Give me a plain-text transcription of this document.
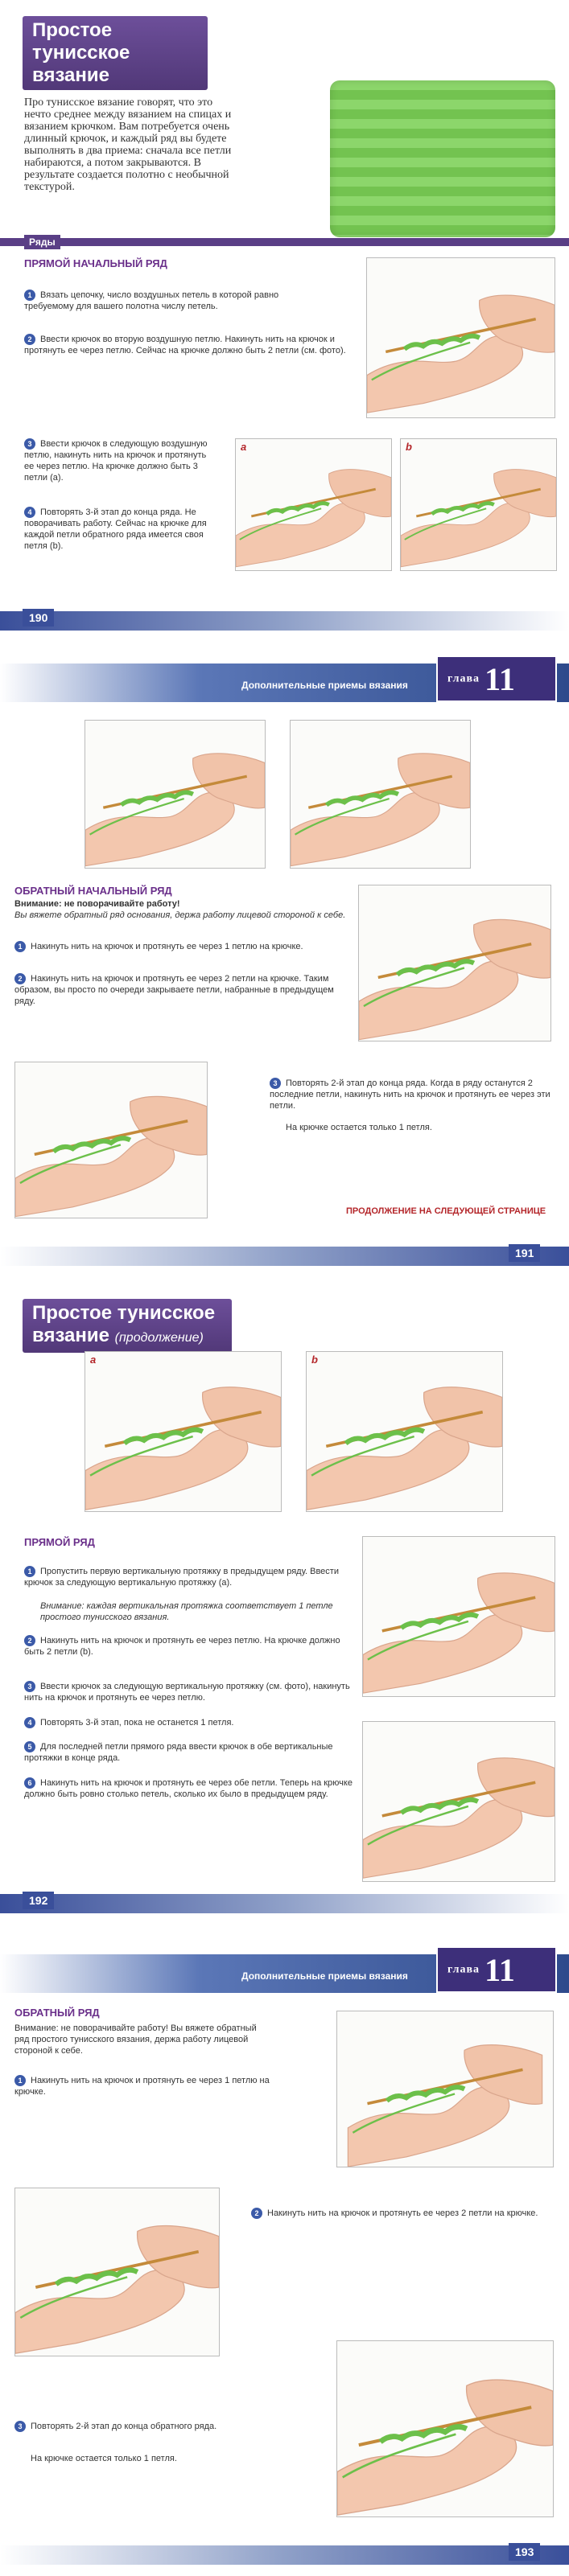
Простое тунисское вязание
Про тунисское вязание говорят, что это нечто среднее между вязанием на спицах и вязанием крючком. Вам потребуется очень длинный крючок, и каждый ряд вы будете выполнять в два приема: сначала все петли набираются, а потом закрываются. В результате создается полотно с необычной текстурой.
Ряды
ПРЯМОЙ НАЧАЛЬНЫЙ РЯД
1 Вязать цепочку, число воздушных петель в которой равно требуемому для вашего полотна числу петель.
2 Ввести крючок во вторую воздушную петлю. Накинуть нить на крючок и протянуть ее через петлю. Сейчас на крючке должно быть 2 петли (см. фото).
3 Ввести крючок в следующую воздушную петлю, накинуть нить на крючок и протянуть ее через петлю. На крючке должно быть 3 петли (а).
4 Повторять 3-й этап до конца ряда. Не поворачивать работу. Сейчас на крючке для каждой петли обратного ряда имеется своя петля (b).
a	b
190
Дополнительные приемы вязания
глава 11
ОБРАТНЫЙ НАЧАЛЬНЫЙ РЯД
Внимание: не поворачивайте работу!
Вы вяжете обратный ряд основания, держа работу лицевой стороной к себе.
1 Накинуть нить на крючок и протянуть ее через 1 петлю на крючке.
2 Накинуть нить на крючок и протянуть ее через 2 петли на крючке. Таким образом, вы просто по очереди закрываете петли, набранные в предыдущем ряду.
3 Повторять 2-й этап до конца ряда. Когда в ряду останутся 2 последние петли, накинуть нить на крючок и протянуть ее через эти петли.
На крючке остается только 1 петля.
ПРОДОЛЖЕНИЕ НА СЛЕДУЮЩЕЙ СТРАНИЦЕ
191
Простое тунисское вязание (продолжение)
a	b
ПРЯМОЙ РЯД
1 Пропустить первую вертикальную протяжку в предыдущем ряду. Ввести крючок за следующую вертикальную протяжку (а).
Внимание: каждая вертикальная протяжка соответствует 1 петле простого тунисского вязания.
2 Накинуть нить на крючок и протянуть ее через петлю. На крючке должно быть 2 петли (b).
3 Ввести крючок за следующую вертикальную протяжку (см. фото), накинуть нить на крючок и протянуть ее через петлю.
4 Повторять 3-й этап, пока не останется 1 петля.
5 Для последней петли прямого ряда ввести крючок в обе вертикальные протяжки в конце ряда.
6 Накинуть нить на крючок и протянуть ее через обе петли. Теперь на крючке должно быть ровно столько петель, сколько их было в предыдущем ряду.
192
Дополнительные приемы вязания
глава 11
ОБРАТНЫЙ РЯД
Внимание: не поворачивайте работу! Вы вяжете обратный ряд простого тунисского вязания, держа работу лицевой стороной к себе.
1 Накинуть нить на крючок и протянуть ее через 1 петлю на крючке.
2 Накинуть нить на крючок и протянуть ее через 2 петли на крючке.
3 Повторять 2-й этап до конца обратного ряда.
На крючке остается только 1 петля.
193
